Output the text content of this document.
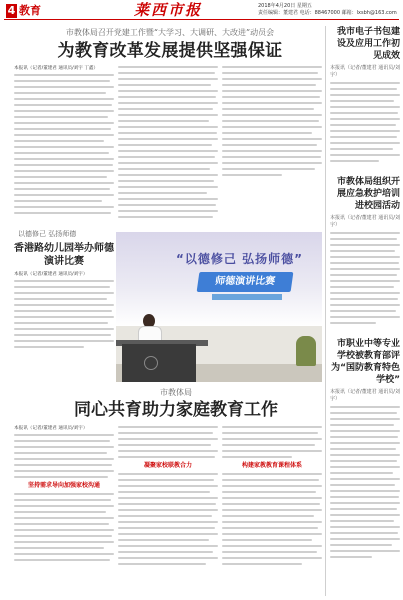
4 教育	莱西市报	2018年4月20日 星期五
责任编辑：董建君 电话：88467000 邮箱：lxsbh@163.com
市教体局召开党建工作暨“大学习、大调研、大改进”动员会
为教育改革发展提供坚强保证
本报讯（记者/董建君 通讯员/刘宇 丁鑫）
我市电子书包建设及应用工作初见成效
本报讯（记者/董建君 通讯员/刘宇）
市教体局组织开展应急救护培训进校园活动
本报讯（记者/董建君 通讯员/刘宇）
市职业中等专业学校被教育部评为“国防教育特色学校”
本报讯（记者/董建君 通讯员/刘宇）
以德修己 弘扬师德
香港路幼儿园举办师德演讲比赛
本报讯（记者/董建君 通讯员/刘宇）
“以德修己 弘扬师德”
师德演讲比赛
市教体局
同心共育助力家庭教育工作
本报讯（记者/董建君 通讯员/刘宇）
坚持需求导向加强家校沟通
凝聚家校联教合力	构建家教教育课程体系
